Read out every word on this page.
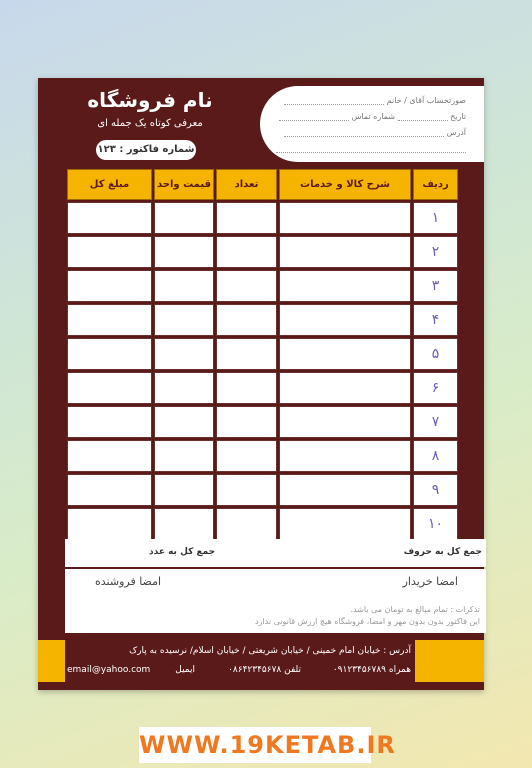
صورتحساب آقای / خانم
تاریخ  شماره تماس
آدرس
نام فروشگاه
معرفی کوتاه یک جمله ای
شماره فاکتور : ۱۲۳
ردیف	شرح کالا و خدمات	تعداد	قیمت واحد	مبلغ کل
۱				
۲				
۳				
۴				
۵				
۶				
۷				
۸				
۹				
۱۰				
جمع کل به حروف
جمع کل به عدد
امضا خریدار
امضا فروشنده
تذکرات : تمام مبالغ به تومان می باشد.
این فاکتور بدون بدون مهر و امضا، فروشگاه هیچ ارزش قانونی ندارد
آدرس : خیابان امام خمینی / خیابان شریعتی / خیابان اسلام/ نرسیده به پارک
همراه ۰۹۱۲۳۴۵۶۷۸۹
تلفن ۰۸۶۴۲۳۴۵۶۷۸
ایمیل
email@yahoo.com
WWW.19KETAB.IR
